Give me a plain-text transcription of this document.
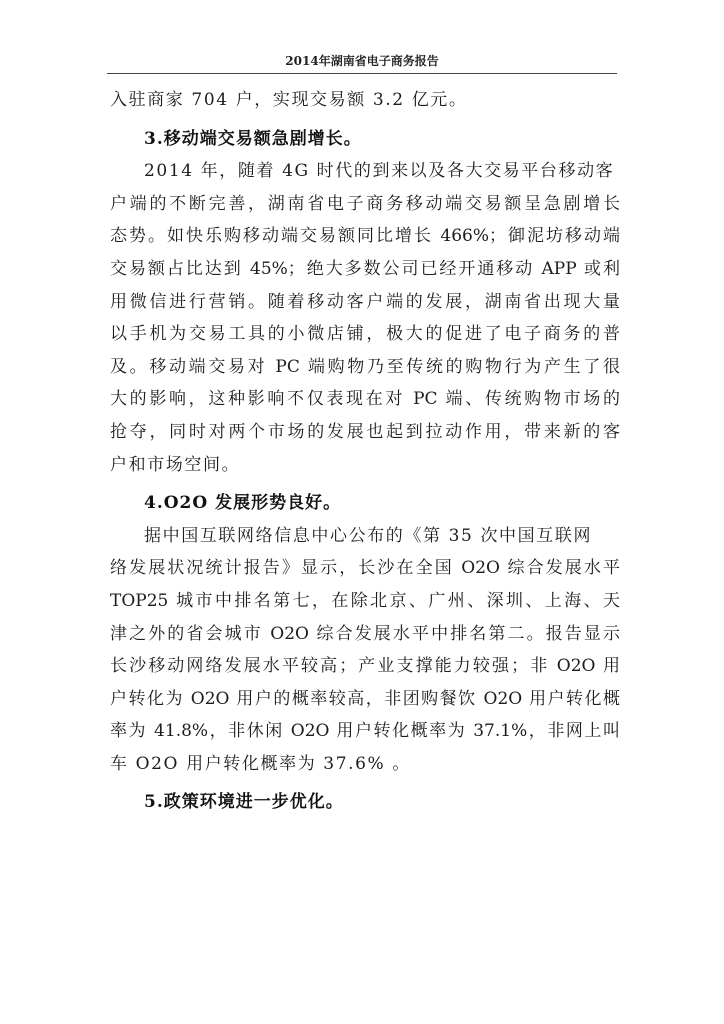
2014年湖南省电子商务报告
入驻商家 704 户，实现交易额 3.2 亿元。
3.移动端交易额急剧增长。
2014 年，随着 4G 时代的到来以及各大交易平台移动客
户端的不断完善，湖南省电子商务移动端交易额呈急剧增长
态势。如快乐购移动端交易额同比增长 466%；御泥坊移动端
交易额占比达到 45%；绝大多数公司已经开通移动 APP 或利
用微信进行营销。随着移动客户端的发展，湖南省出现大量
以手机为交易工具的小微店铺，极大的促进了电子商务的普
及。移动端交易对 PC 端购物乃至传统的购物行为产生了很
大的影响，这种影响不仅表现在对 PC 端、传统购物市场的
抢夺，同时对两个市场的发展也起到拉动作用，带来新的客
户和市场空间。
4.O2O 发展形势良好。
据中国互联网络信息中心公布的《第 35 次中国互联网
络发展状况统计报告》显示，长沙在全国 O2O 综合发展水平
TOP25 城市中排名第七，在除北京、广州、深圳、上海、天
津之外的省会城市 O2O 综合发展水平中排名第二。报告显示
长沙移动网络发展水平较高；产业支撑能力较强；非 O2O 用
户转化为 O2O 用户的概率较高，非团购餐饮 O2O 用户转化概
率为 41.8%，非休闲 O2O 用户转化概率为 37.1%，非网上叫
车 O2O 用户转化概率为 37.6% 。
5.政策环境进一步优化。
